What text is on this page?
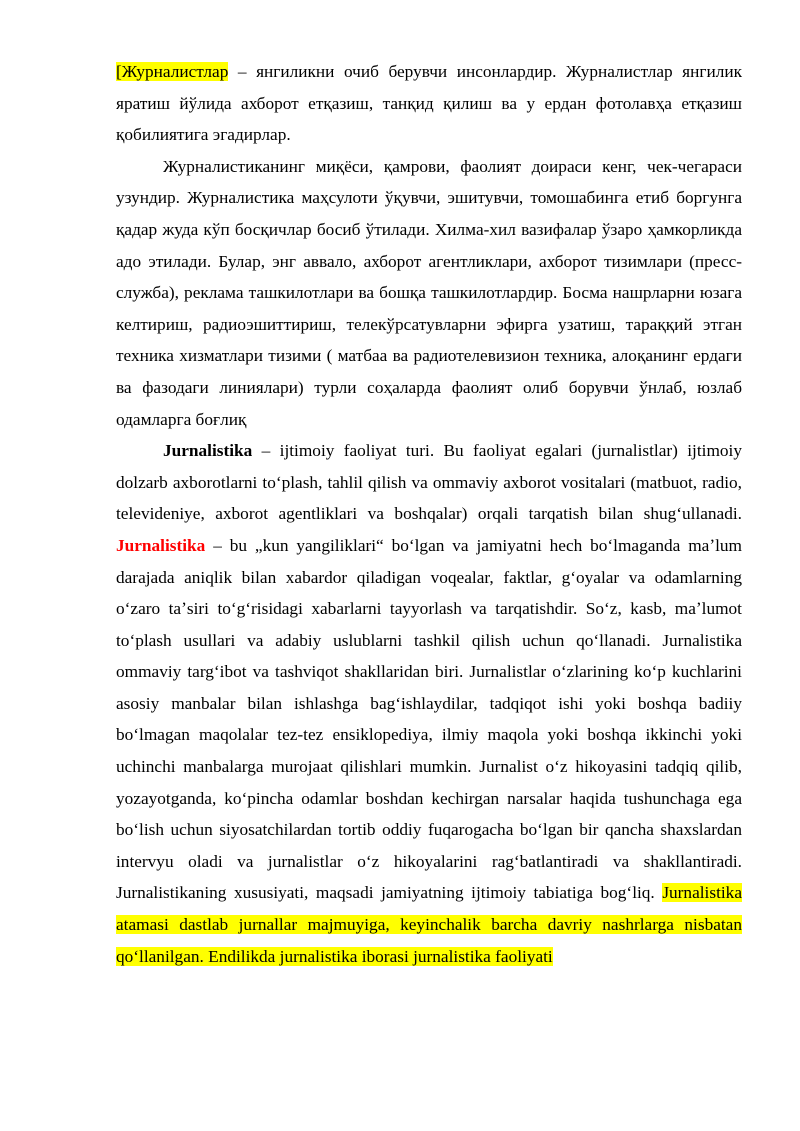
[Журналистлар – янгиликни очиб берувчи инсонлардир. Журналистлар янгилик яратиш йўлида ахборот етқазиш, танқид қилиш ва у ердан фотолавҳа етқазиш қобилиятига эгадирлар.

Журналистиканинг миқёси, қамрови, фаолият доираси кенг, чек-чегараси узундир. Журналистика маҳсулоти ўқувчи, эшитувчи, томошабинга етиб боргунга қадар жуда кўп босқичлар босиб ўтилади. Хилма-хил вазифалар ўзаро ҳамкорликда адо этилади. Булар, энг аввало, ахборот агентликлари, ахборот тизимлари (пресс-служба), реклама ташкилотлари ва бошқа ташкилотлардир. Босма нашрларни юзага келтириш, радиоэшиттириш, телекўрсатувларни эфирга узатиш, тараққий этган техника хизматлари тизими ( матбаа ва радиотелевизион техника, алоқанинг ердаги ва фазодаги линиялари) турли соҳаларда фаолият олиб борувчи ўнлаб, юзлаб одамларга боғлиқ

Jurnalistika – ijtimoiy faoliyat turi. Bu faoliyat egalari (jurnalistlar) ijtimoiy dolzarb axborotlarni toʻplash, tahlil qilish va ommaviy axborot vositalari (matbuot, radio, televideniye, axborot agentliklari va boshqalar) orqali tarqatish bilan shugʻullanadi. Jurnalistika – bu „kun yangiliklari“ boʻlgan va jamiyatni hech boʻlmaganda maʼlum darajada aniqlik bilan xabardor qiladigan voqealar, faktlar, gʻoyalar va odamlarning oʻzaro taʼsiri toʻgʻrisidagi xabarlarni tayyorlash va tarqatishdir. Soʻz, kasb, maʼlumot toʻplash usullari va adabiy uslublarni tashkil qilish uchun qoʻllanadi. Jurnalistika ommaviy targʻibot va tashviqot shakllaridan biri. Jurnalistlar oʻzlarining koʻp kuchlarini asosiy manbalar bilan ishlashga bagʻishlaydilar, tadqiqot ishi yoki boshqa badiiy boʻlmagan maqolalar tez-tez ensiklopediya, ilmiy maqola yoki boshqa ikkinchi yoki uchinchi manbalarga murojaat qilishlari mumkin. Jurnalist oʻz hikoyasini tadqiq qilib, yozayotganda, koʻpincha odamlar boshdan kechirgan narsalar haqida tushunchaga ega boʻlish uchun siyosatchilardan tortib oddiy fuqarogacha boʻlgan bir qancha shaxslardan intervyu oladi va jurnalistlar oʻz hikoyalarini ragʻbatlantiradi va shakllantiradi. Jurnalistikaning xususiyati, maqsadi jamiyatning ijtimoiy tabiatiga bogʻliq. Jurnalistika atamasi dastlab jurnallar majmuyiga, keyinchalik barcha davriy nashrlarga nisbatan qoʻllanilgan. Endilikda jurnalistika iborasi jurnalistika faoliyati
